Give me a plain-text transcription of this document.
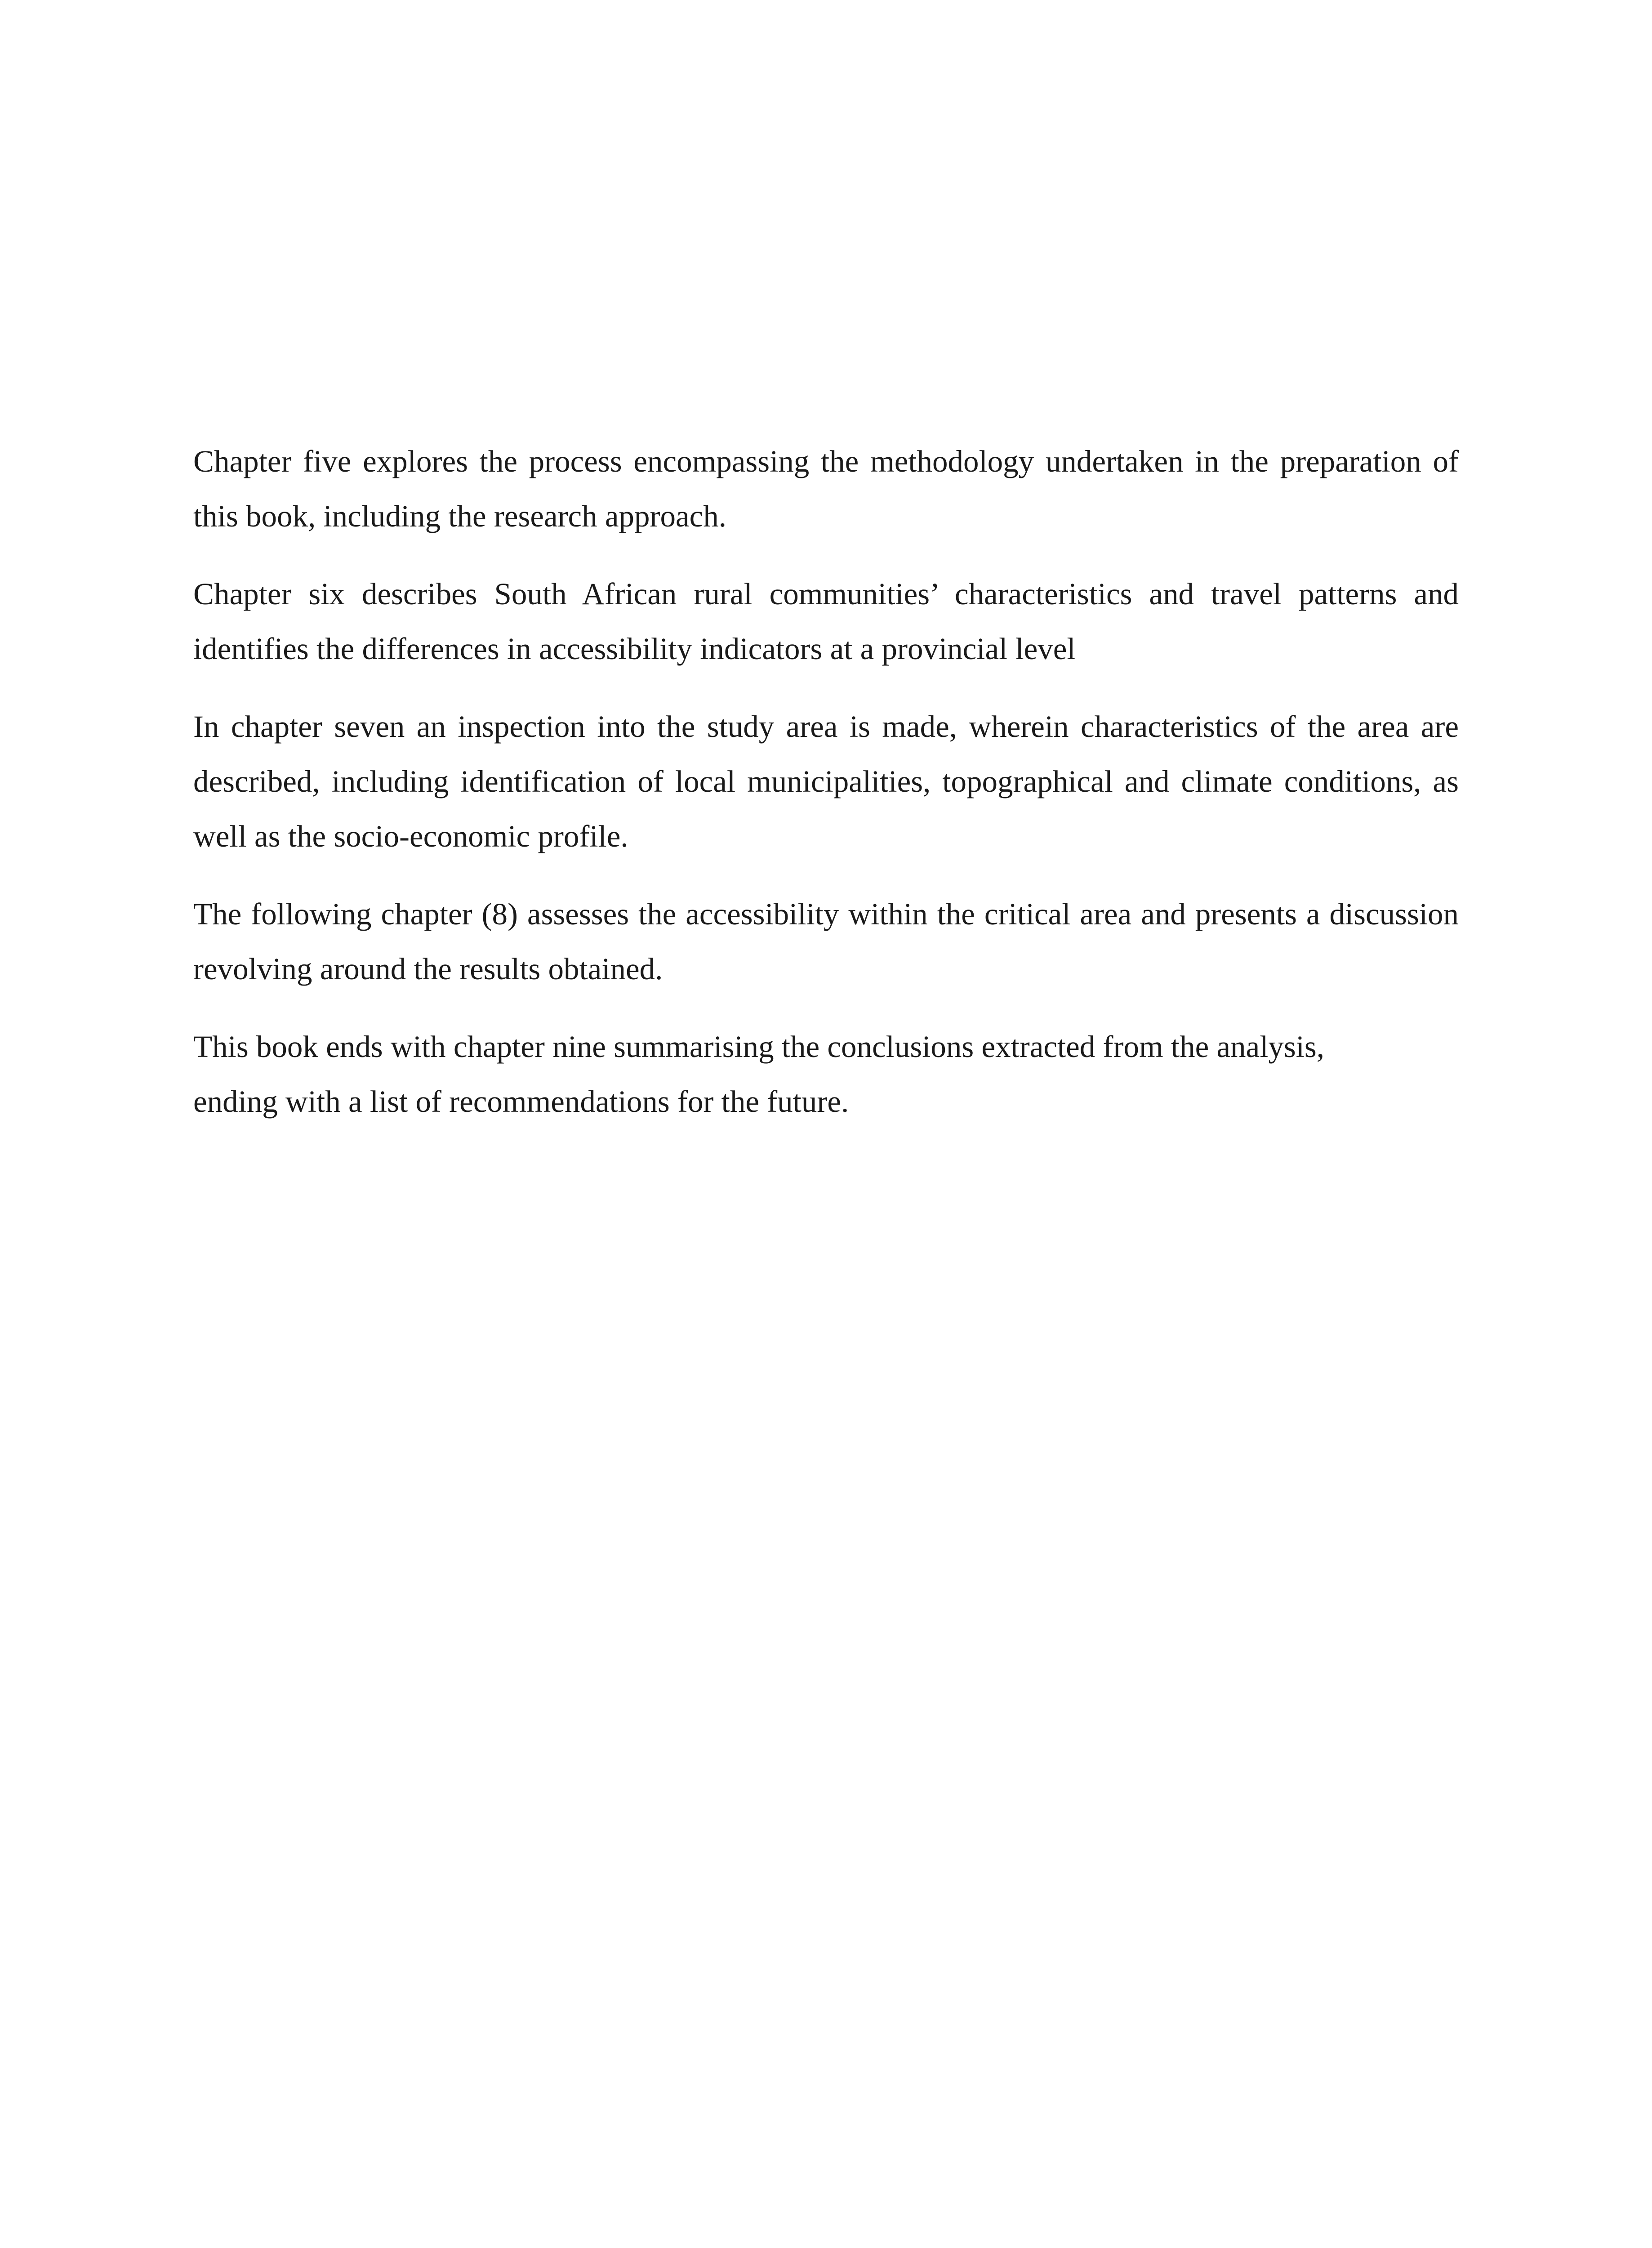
Chapter five explores the process encompassing the methodology undertaken in the preparation of this book, including the research approach.

Chapter six describes South African rural communities’ characteristics and travel patterns and identifies the differences in accessibility indicators at a provincial level

In chapter seven an inspection into the study area is made, wherein characteristics of the area are described, including identification of local municipalities, topographical and climate conditions, as well as the socio-economic profile.

The following chapter (8) assesses the accessibility within the critical area and presents a discussion revolving around the results obtained.

This book ends with chapter nine summarising the conclusions extracted from the analysis,
ending with a list of recommendations for the future.
